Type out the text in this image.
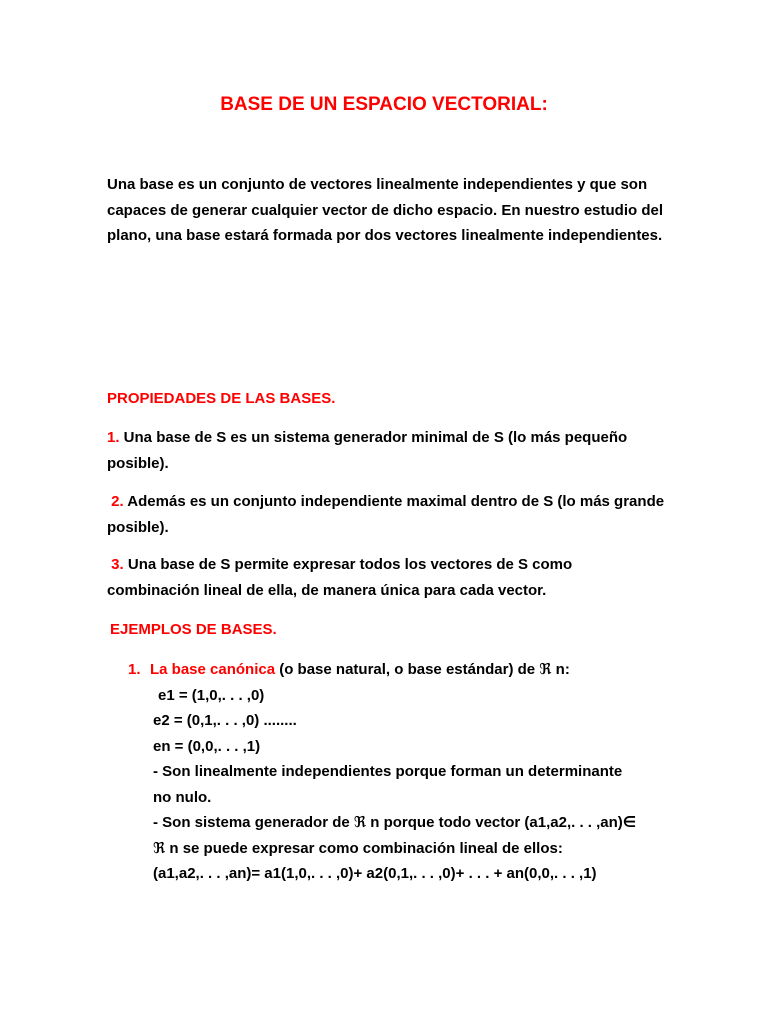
BASE DE UN ESPACIO VECTORIAL:

Una base es un conjunto de vectores linealmente independientes y que son capaces de generar cualquier vector de dicho espacio. En nuestro estudio del plano, una base estará formada por dos vectores linealmente independientes.

PROPIEDADES DE LAS BASES.

1. Una base de S es un sistema generador minimal de S (lo más pequeño posible).

2. Además es un conjunto independiente maximal dentro de S (lo más grande posible).

3. Una base de S permite expresar todos los vectores de S como combinación lineal de ella, de manera única para cada vector.

EJEMPLOS DE BASES.
1. La base canónica (o base natural, o base estándar) de ℜ n:
e1 = (1,0,. . . ,0)
e2 = (0,1,. . . ,0) ........
en = (0,0,. . . ,1)
- Son linealmente independientes porque forman un determinante
no nulo.
- Son sistema generador de ℜ n porque todo vector (a1,a2,. . . ,an)∈
ℜ n se puede expresar como combinación lineal de ellos:
(a1,a2,. . . ,an)= a1(1,0,. . . ,0)+ a2(0,1,. . . ,0)+ . . . + an(0,0,. . . ,1)
